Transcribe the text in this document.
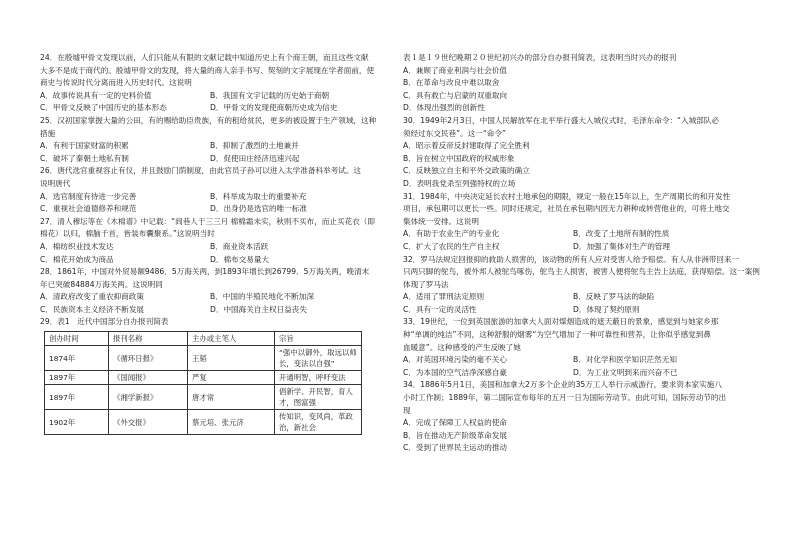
24．在殷墟甲骨文发现以前，人们只能从有限的文献记载中知道历史上有个商王朝，而且这些文献
大多不是成于商代的。殷墟甲骨文的发现，将大量的商人亲手书写、契刻的文字展现在学者面前，使
商史与传说时代分离而进入历史时代。这说明
A．故事传说具有一定的史料价值	B．我国有文字记载的历史始于商朝
C．甲骨文反映了中国历史的基本形态	D．甲骨文的发现使商朝历史成为信史
25．汉初国家掌握大量的公田，有的赐给助臣贵族，有的租给贫民，更多的被设置于生产领域，这种
措施
A．有利于国家财富的积累	B．抑制了激烈的土地兼并
C．破坏了秦朝土地私有制	D．促使田庄经济迅速兴起
26．唐代选官重视容止有仪，并且鼓励门荫制度，由此官员子孙可以进入太学准备科举考试。这
说明唐代
A．选官制度有待进一步完善	B．科举成为取士的重要补充
C．重视社会道德修养和规范	D．出身仍是选官的唯一标准
27．清人穆坛等在《木棉谱》中记载：“闾巷人于三三月 棉棉霜未实，秋则不买布，而止买花衣（即
棉花）以归，棉脑千首，皆装布囊聚系。”这说明当时
A．棉纺织业技术发达	B．商业资本活跃
C．棉花开始成为商品	D．棉布交易量大
28．1861年，中国对外贸易额9486．5万海关两，到1893年增长到26799．5万海关两，晚清末
年已突破84884万海关两。这说明同
A．清政府改变了重农抑商政策	B．中国的半殖民地化不断加深
C．民族资本主义经济不断发展	D．中国海关自主权日益丧失
29．表1　近代中国部分自办报刊简表
创办时间	报刊名称	主办或主笔人	宗旨
1874年	《循环日报》	王韬	“强中以御外，取远以师长，变法以自强”
1897年	《国闻报》	严复	开通明智，呼吁变法
1897年	《湘学新报》	唐才常	倡新学、开民智，育人才，图富强
1902年	《外交报》	蔡元培、张元济	传知识，变风尚，革政治，新社会
表１是１９世纪晚期２０世纪初兴办的部分自办报刊简表，这表明当时兴办的报刊
A．兼顾了商业利润与社会价值
B．在革命与改良中难以取舍
C．具有救亡与启蒙的双重取向
D．体现出强烈的创新性
30．1949年2月3日，中国人民解放军在北平举行盛大入城仪式时，毛泽东命令：“入城部队必
须经过东交民巷”。这一“命令”
A．昭示着反帝反封建取得了完全胜利
B．旨在树立中国政府的权威形象
C．反映独立自主和平外交政策的确立
D．表明我党杀至列强特权的立场
31．1984年，中央决定延长农村土地承包的期限，规定一般在15年以上，生产周期长的和开发性
项目，承包期可以更长一些。同时还规定，社员在承包期内因无力耕种或转营他业的，可将土地交
集体统一安排。这说明
A．有助于农业生产的专业化	B．改变了土地所有制的性质
C．扩大了农民的生产自主权	D．加强了集体对生产的管理
32．罗马法规定回报抑的救助人损害的，该动物的所有人应对受害人给予赔偿。有人从非洲带回来一
只两只脚的鸵鸟，被外邦人被鸵鸟啄伤，鸵鸟主人损害，被害人便将鸵鸟主告上法庭，获得赔偿。这一案例
体现了罗马法
A．适用了罪刑法定原则	B．反映了罗马法的缺陷
C．具有一定的灵活性	D．体现了契约原则
33．19世纪，一位到英国旅游的加拿大人面对煤烟造成的遮天蔽日的景象，感觉到与她家乡那
种“单调的纯洁”不同，这种舒服的烟雾“为空气增加了一种可靠性和营养，让你似乎感觉到鼻
血暖意”。这种感受的产生反映了她
A．对英国环境污染的毫不关心	B．对化学和医学知识茫然无知
C．为本国的空气洁净深感自豪	D．为工业文明到来而兴奋不已
34．1886年5月1日，美国和加拿大2万多个企业的35万工人举行示威游行，要求资本家实施八
小时工作制；1889年，第二国际宣布每年的五月一日为国际劳动节。由此可知，国际劳动节的出
现
A．完成了保障工人权益的使命
B．旨在推动无产阶级革命发展
C．受到了世界民主运动的推动
